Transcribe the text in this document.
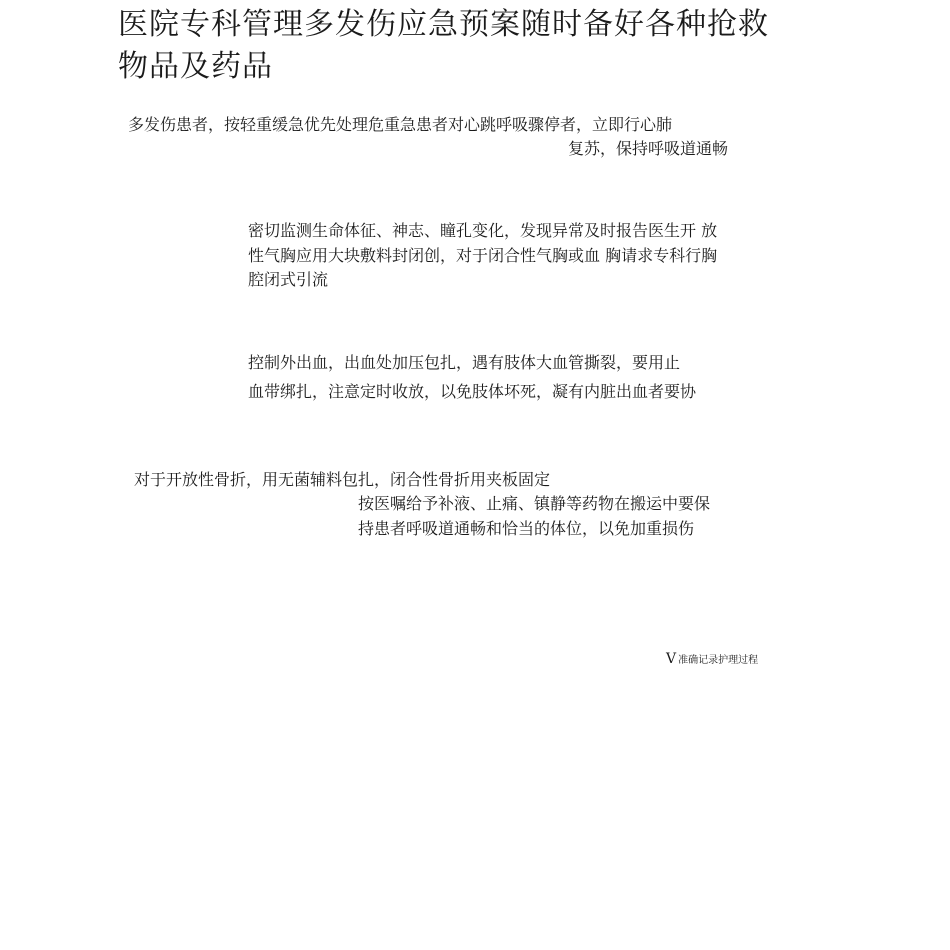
医院专科管理多发伤应急预案随时备好各种抢救物品及药品
多发伤患者，按轻重缓急优先处理危重急患者对心跳呼吸骤停者，立即行心肺
复苏，保持呼吸道通畅
密切监测生命体征、神志、瞳孔变化，发现异常及时报告医生开 放
性气胸应用大块敷料封闭创，对于闭合性气胸或血 胸请求专科行胸
腔闭式引流
控制外出血，出血处加压包扎，遇有肢体大血管撕裂，要用止
血带绑扎，注意定时收放，以免肢体坏死，凝有内脏出血者要协
对于开放性骨折，用无菌辅料包扎，闭合性骨折用夹板固定
按医嘱给予补液、止痛、镇静等药物在搬运中要保
持患者呼吸道通畅和恰当的体位，以免加重损伤
V 准确记录护理过程
